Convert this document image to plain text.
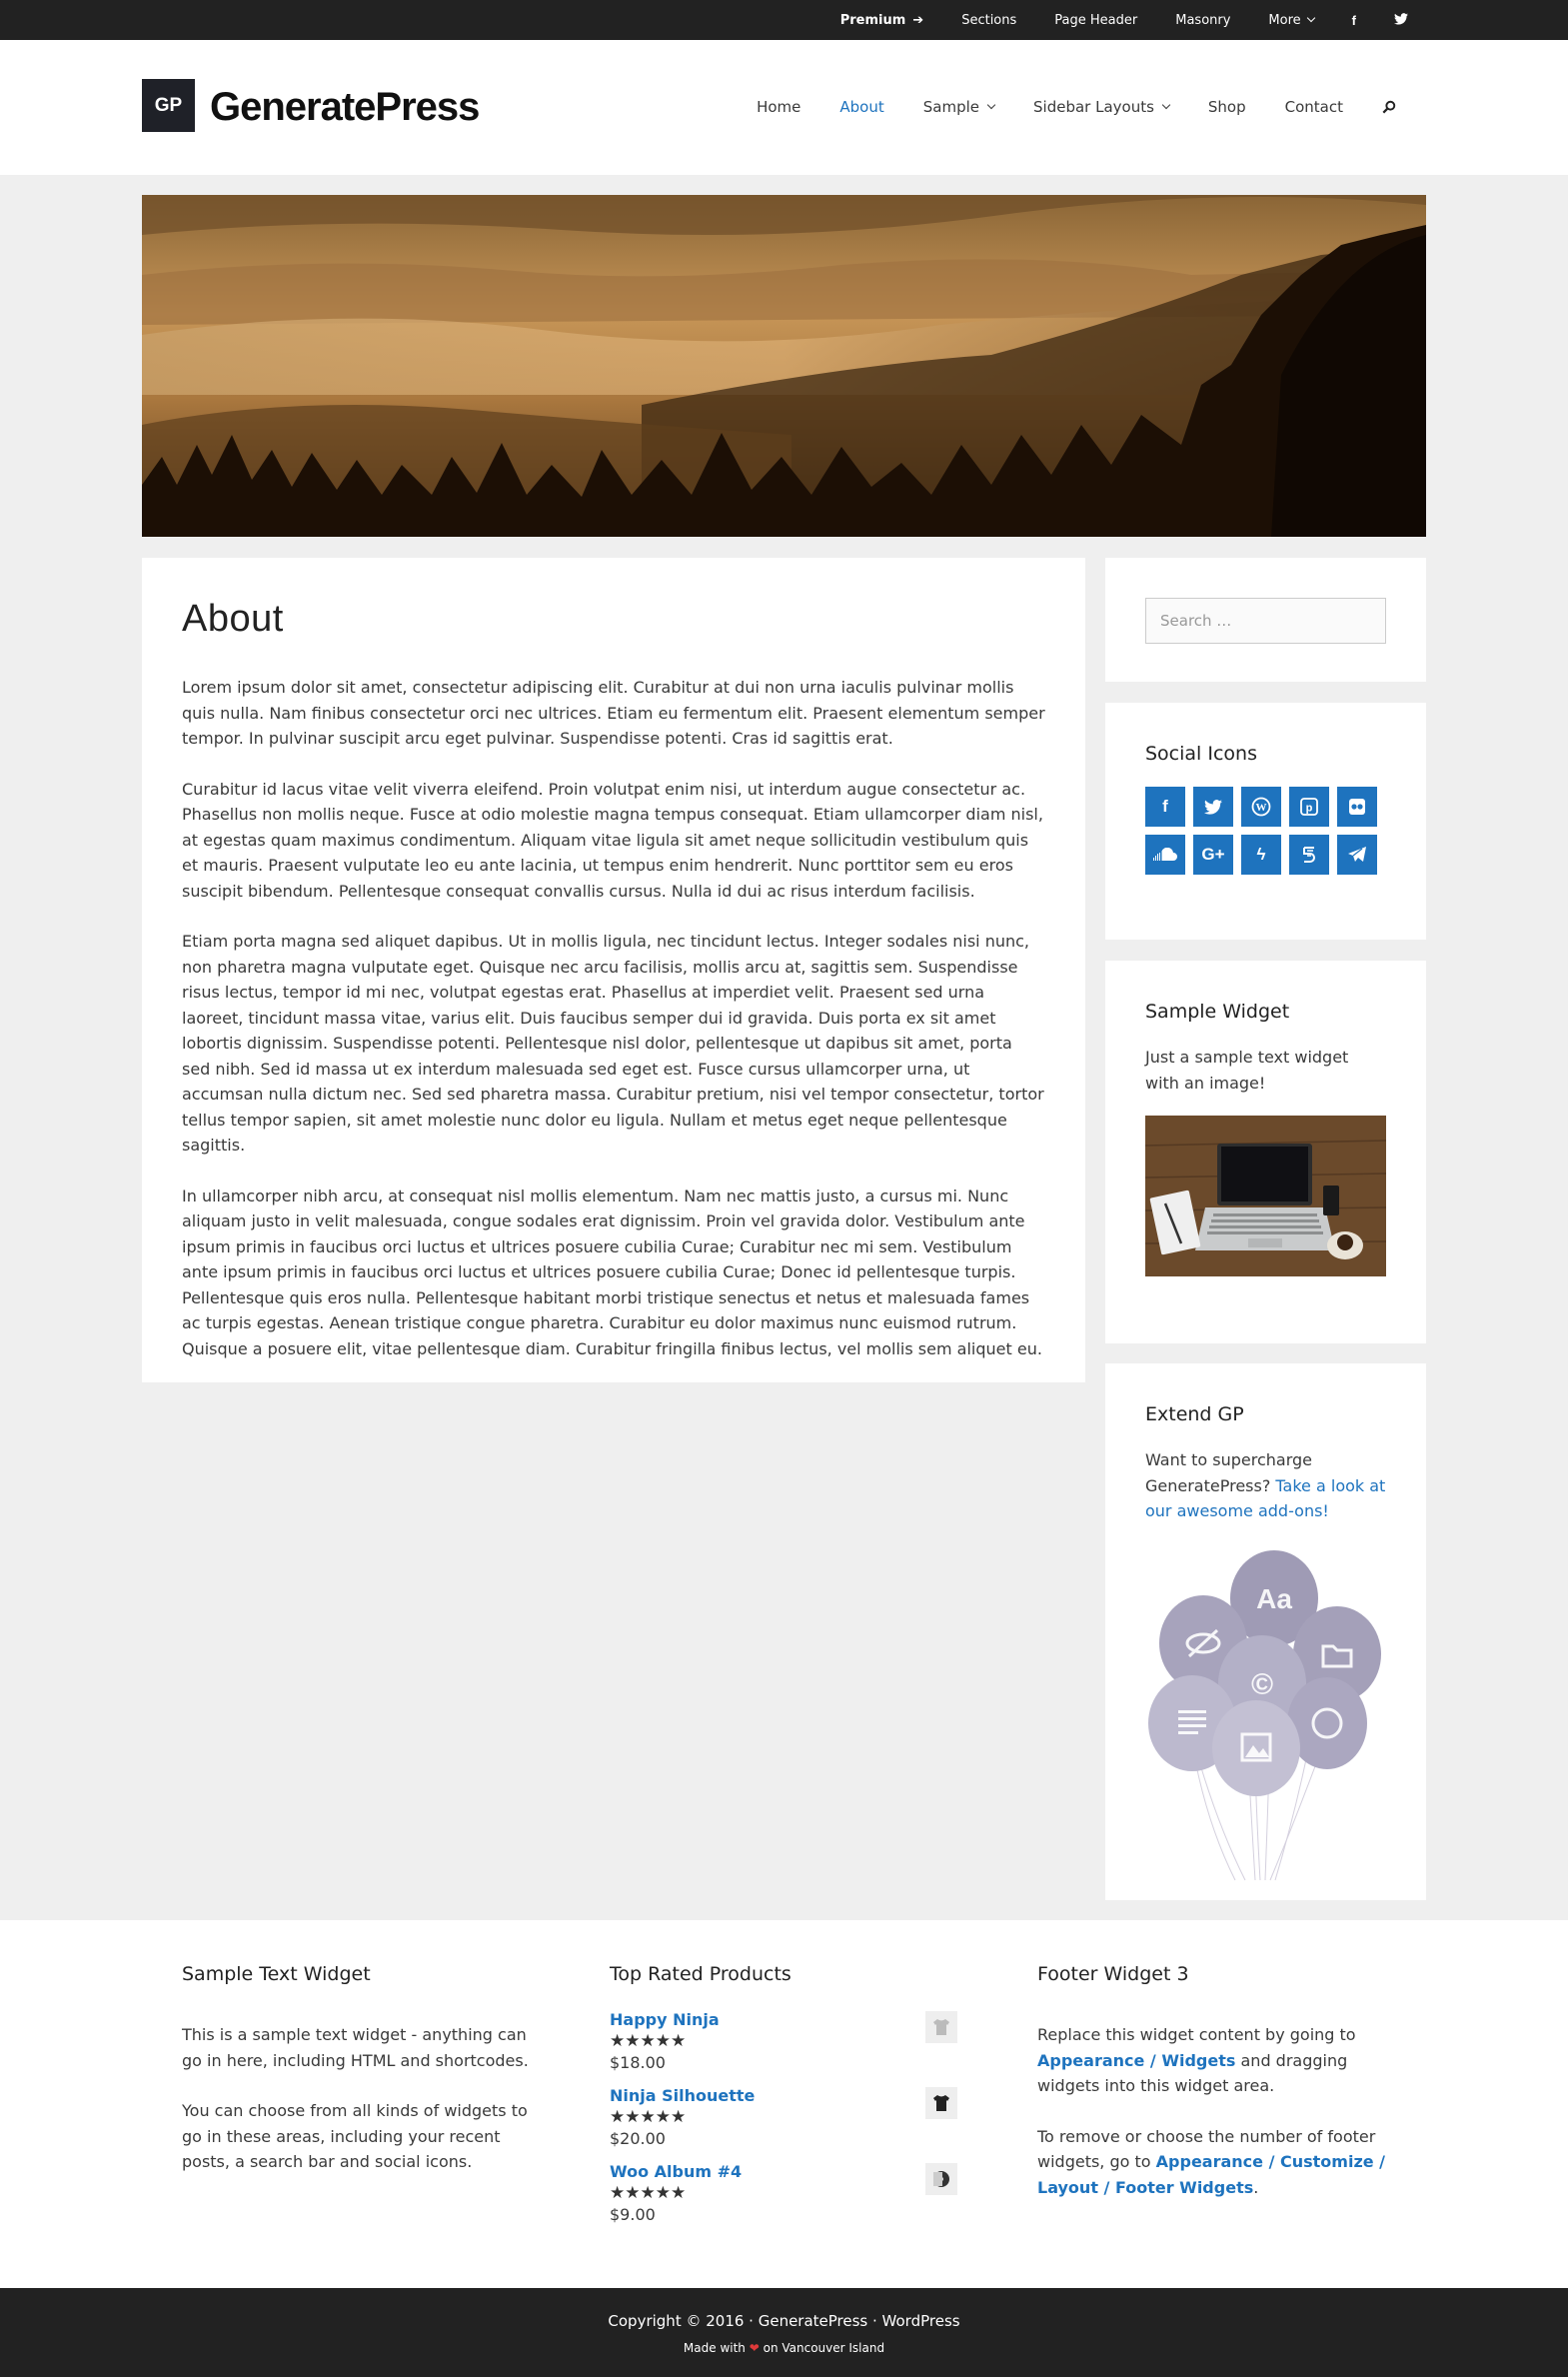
Premium ➔	Sections	Page Header	Masonry	More	f
GP GeneratePress	Home	About	Sample	Sidebar Layouts	Shop	Contact
About

Lorem ipsum dolor sit amet, consectetur adipiscing elit. Curabitur at dui non urna iaculis pulvinar mollis quis nulla. Nam finibus consectetur orci nec ultrices. Etiam eu fermentum elit. Praesent elementum semper tempor. In pulvinar suscipit arcu eget pulvinar. Suspendisse potenti. Cras id sagittis erat.

Curabitur id lacus vitae velit viverra eleifend. Proin volutpat enim nisi, ut interdum augue consectetur ac. Phasellus non mollis neque. Fusce at odio molestie magna tempus consequat. Etiam ullamcorper diam nisl, at egestas quam maximus condimentum. Aliquam vitae ligula sit amet neque sollicitudin vestibulum quis et mauris. Praesent vulputate leo eu ante lacinia, ut tempus enim hendrerit. Nunc porttitor sem eu eros suscipit bibendum. Pellentesque consequat convallis cursus. Nulla id dui ac risus interdum facilisis.

Etiam porta magna sed aliquet dapibus. Ut in mollis ligula, nec tincidunt lectus. Integer sodales nisi nunc, non pharetra magna vulputate eget. Quisque nec arcu facilisis, mollis arcu at, sagittis sem. Suspendisse risus lectus, tempor id mi nec, volutpat egestas erat. Phasellus at imperdiet velit. Praesent sed urna laoreet, tincidunt massa vitae, varius elit. Duis faucibus semper dui id gravida. Duis porta ex sit amet lobortis dignissim. Suspendisse potenti. Pellentesque nisl dolor, pellentesque ut dapibus sit amet, porta sed nibh. Sed id massa ut ex interdum malesuada sed eget est. Fusce cursus ullamcorper urna, ut accumsan nulla dictum nec. Sed sed pharetra massa. Curabitur pretium, nisi vel tempor consectetur, tortor tellus tempor sapien, sit amet molestie nunc dolor eu ligula. Nullam et metus eget neque pellentesque sagittis.

In ullamcorper nibh arcu, at consequat nisl mollis elementum. Nam nec mattis justo, a cursus mi. Nunc aliquam justo in velit malesuada, congue sodales erat dignissim. Proin vel gravida dolor. Vestibulum ante ipsum primis in faucibus orci luctus et ultrices posuere cubilia Curae; Curabitur nec mi sem. Vestibulum ante ipsum primis in faucibus orci luctus et ultrices posuere cubilia Curae; Donec id pellentesque turpis. Pellentesque quis eros nulla. Pellentesque habitant morbi tristique senectus et netus et malesuada fames ac turpis egestas. Aenean tristique congue pharetra. Curabitur eu dolor maximus nunc euismod rutrum. Quisque a posuere elit, vitae pellentesque diam. Curabitur fringilla finibus lectus, vel mollis sem aliquet eu.

Search …
Social Icons
f	W	p
G+	ϟ
Sample Widget

Just a sample text widget with an image!

Extend GP

Want to supercharge GeneratePress? Take a look at our awesome add-ons!

Aa
©
Sample Text Widget

This is a sample text widget - anything can go in here, including HTML and shortcodes.

You can choose from all kinds of widgets to go in these areas, including your recent posts, a search bar and social icons.

Top Rated Products
Happy Ninja
★★★★★
$18.00
Ninja Silhouette
★★★★★
$20.00
Woo Album #4
★★★★★
$9.00
Footer Widget 3

Replace this widget content by going to Appearance / Widgets and dragging widgets into this widget area.

To remove or choose the number of footer widgets, go to Appearance / Customize / Layout / Footer Widgets.

Copyright © 2016 · GeneratePress · WordPress
Made with ❤ on Vancouver Island
